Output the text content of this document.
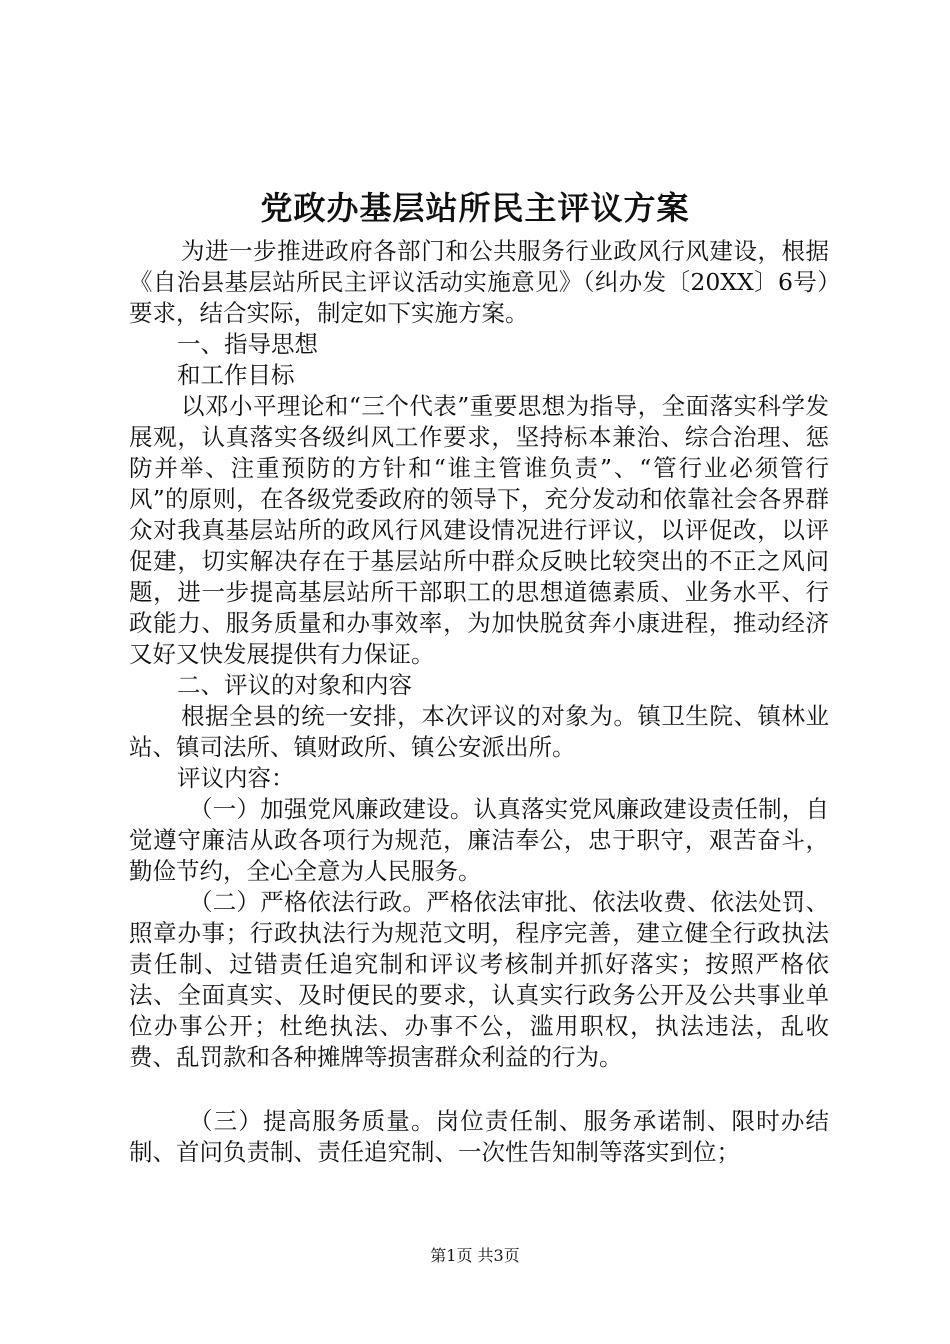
党政办基层站所民主评议方案

为进一步推进政府各部门和公共服务行业政风行风建设，根据《自治县基层站所民主评议活动实施意见》（纠办发〔20XX〕6号）要求，结合实际，制定如下实施方案。

一、指导思想

和工作目标

以邓小平理论和“三个代表”重要思想为指导，全面落实科学发展观，认真落实各级纠风工作要求，坚持标本兼治、综合治理、惩防并举、注重预防的方针和“谁主管谁负责”、“管行业必须管行风”的原则，在各级党委政府的领导下，充分发动和依靠社会各界群众对我真基层站所的政风行风建设情况进行评议，以评促改，以评促建，切实解决存在于基层站所中群众反映比较突出的不正之风问题，进一步提高基层站所干部职工的思想道德素质、业务水平、行政能力、服务质量和办事效率，为加快脱贫奔小康进程，推动经济又好又快发展提供有力保证。

二、评议的对象和内容

根据全县的统一安排，本次评议的对象为。镇卫生院、镇林业站、镇司法所、镇财政所、镇公安派出所。

评议内容：

（一）加强党风廉政建设。认真落实党风廉政建设责任制，自觉遵守廉洁从政各项行为规范，廉洁奉公，忠于职守，艰苦奋斗，勤俭节约，全心全意为人民服务。

（二）严格依法行政。严格依法审批、依法收费、依法处罚、照章办事；行政执法行为规范文明，程序完善，建立健全行政执法责任制、过错责任追究制和评议考核制并抓好落实；按照严格依法、全面真实、及时便民的要求，认真实行政务公开及公共事业单位办事公开；杜绝执法、办事不公，滥用职权，执法违法，乱收费、乱罚款和各种摊牌等损害群众利益的行为。

（三）提高服务质量。岗位责任制、服务承诺制、限时办结制、首问负责制、责任追究制、一次性告知制等落实到位；

第1页 共3页
